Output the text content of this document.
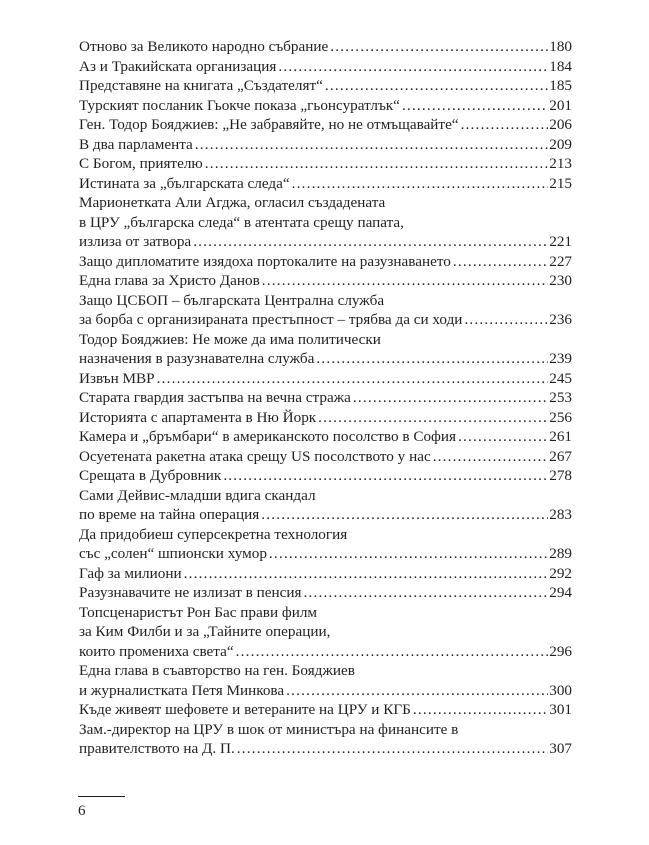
Отново за Великото народно събрание .....	180
Аз и Тракийската организация .....	184
Представяне на книгата „Създателят“ .....	185
Турският посланик Гьокче показа „гьонсуратлък“ .....	201
Ген. Тодор Бояджиев: „Не забравяйте, но не отмъщавайте“ .....	206
В два парламента .....	209
С Богом, приятелю .....	213
Истината за „българската следа“ .....	215
Марионетката Али Агджа, огласил създадената
в ЦРУ „българска следа“ в атентата срещу папата,
излиза от затвора .....	221
Защо дипломатите изядоха портокалите на разузнаването .....	227
Една глава за Христо Данов .....	230
Защо ЦСБОП – българската Централна служба
за борба с организираната престъпност – трябва да си ходи .....	236
Тодор Бояджиев: Не може да има политически
назначения в разузнавателна служба .....	239
Извън МВР .....	245
Старата гвардия застъпва на вечна стража .....	253
Историята с апартамента в Ню Йорк .....	256
Камера и „бръмбари“ в американското посолство в София .....	261
Осуетената ракетна атака срещу US посолството у нас .....	267
Срещата в Дубровник .....	278
Сами Дейвис-младши вдига скандал
по време на тайна операция .....	283
Да придобиеш суперсекретна технология
със „солен“ шпионски хумор .....	289
Гаф за милиони .....	292
Разузнавачите не излизат в пенсия .....	294
Топсценаристът Рон Бас прави филм
за Ким Филби и за „Тайните операции,
които промениха света“ .....	296
Една глава в съавторство на ген. Бояджиев
и журналистката Петя Минкова .....	300
Къде живеят шефовете и ветераните на ЦРУ и КГБ .....	301
Зам.-директор на ЦРУ в шок от министъра на финансите в
правителството на Д. П. .....	307
6
